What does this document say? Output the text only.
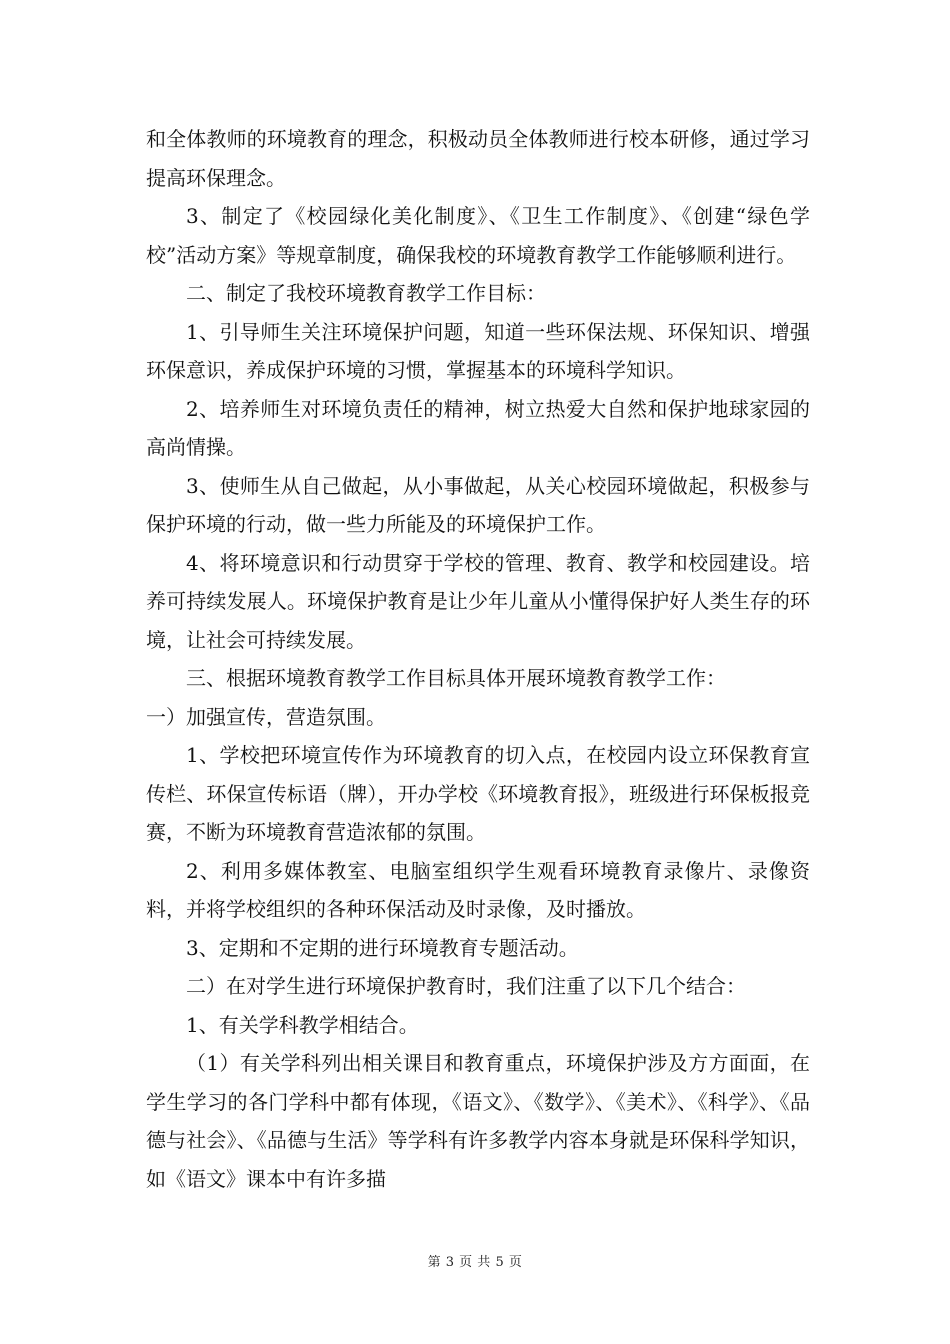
和全体教师的环境教育的理念，积极动员全体教师进行校本研修，通过学习提高环保理念。

3、制定了《校园绿化美化制度》、《卫生工作制度》、《创建“绿色学校”活动方案》等规章制度，确保我校的环境教育教学工作能够顺利进行。

二、制定了我校环境教育教学工作目标：

1、引导师生关注环境保护问题，知道一些环保法规、环保知识、增强环保意识，养成保护环境的习惯，掌握基本的环境科学知识。

2、培养师生对环境负责任的精神，树立热爱大自然和保护地球家园的高尚情操。

3、使师生从自己做起，从小事做起，从关心校园环境做起，积极参与保护环境的行动，做一些力所能及的环境保护工作。

4、将环境意识和行动贯穿于学校的管理、教育、教学和校园建设。培养可持续发展人。环境保护教育是让少年儿童从小懂得保护好人类生存的环境，让社会可持续发展。

三、根据环境教育教学工作目标具体开展环境教育教学工作：

一）加强宣传，营造氛围。

1、学校把环境宣传作为环境教育的切入点，在校园内设立环保教育宣传栏、环保宣传标语（牌），开办学校《环境教育报》，班级进行环保板报竞赛，不断为环境教育营造浓郁的氛围。

2、利用多媒体教室、电脑室组织学生观看环境教育录像片、录像资料，并将学校组织的各种环保活动及时录像，及时播放。

3、定期和不定期的进行环境教育专题活动。

二）在对学生进行环境保护教育时，我们注重了以下几个结合：

1、有关学科教学相结合。

（1）有关学科列出相关课目和教育重点，环境保护涉及方方面面，在学生学习的各门学科中都有体现，《语文》、《数学》、《美术》、《科学》、《品德与社会》、《品德与生活》等学科有许多教学内容本身就是环保科学知识，如《语文》课本中有许多描

第 3 页 共 5 页
